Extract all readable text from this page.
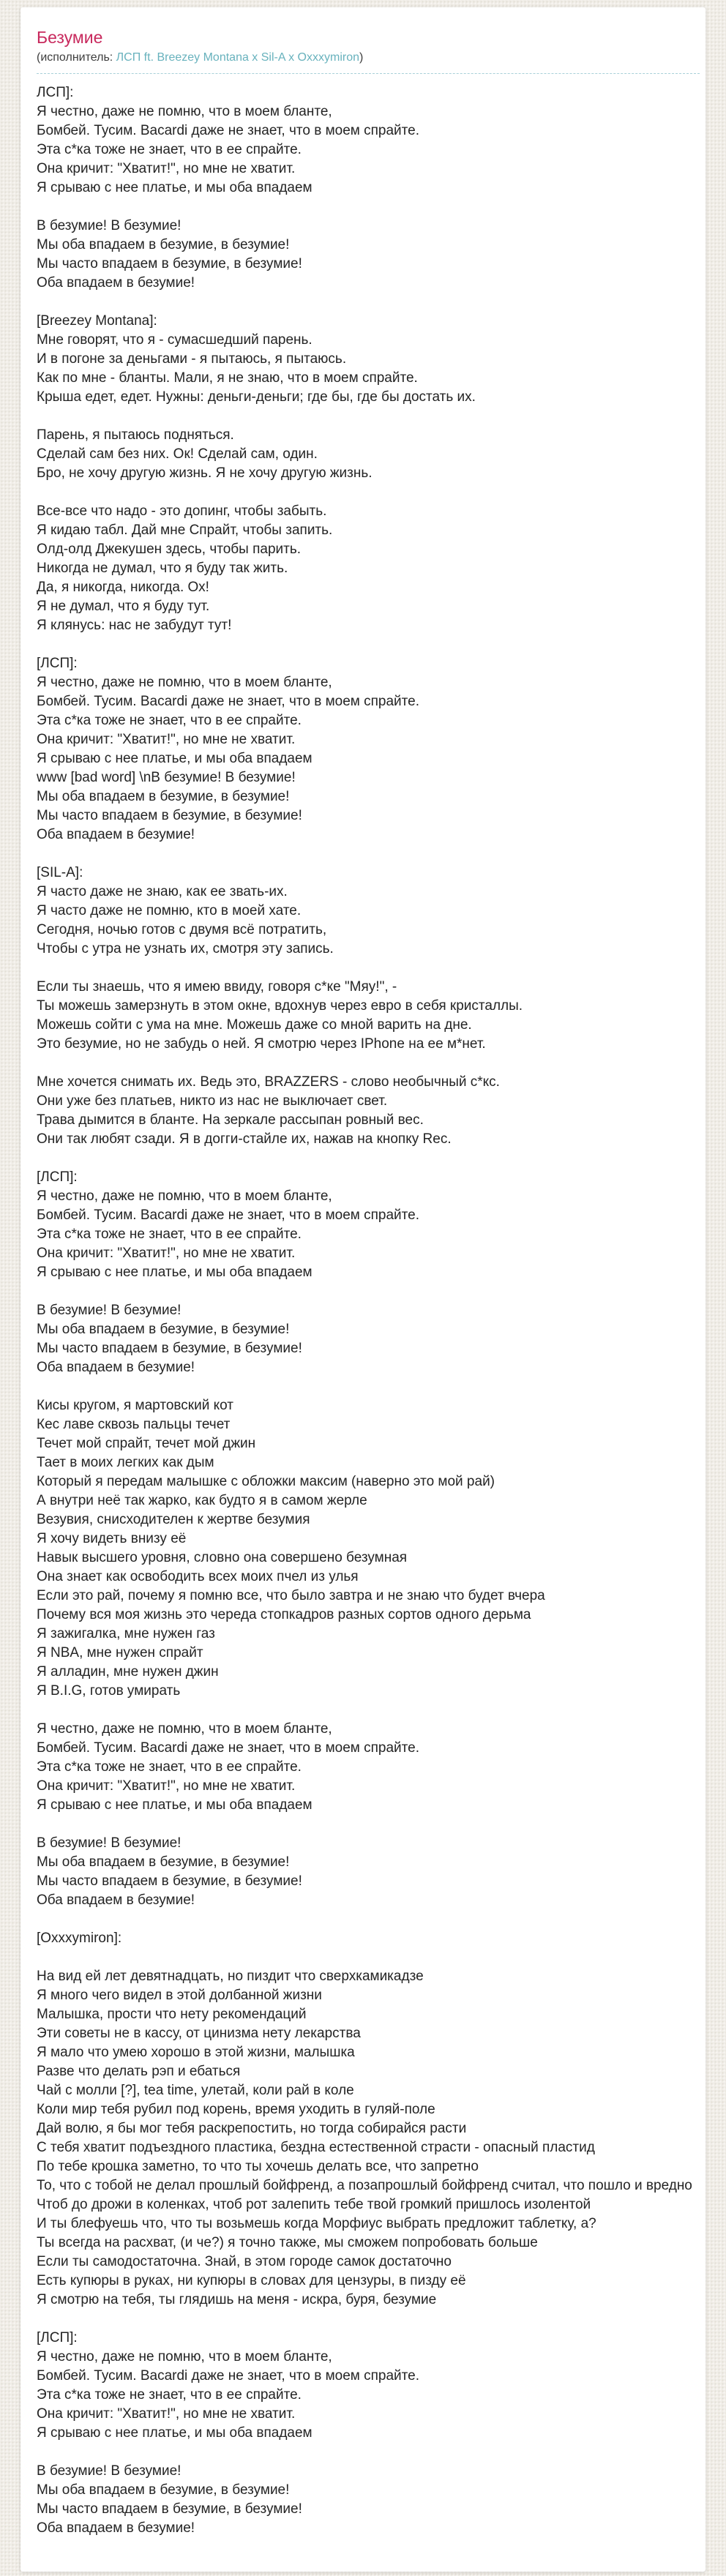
Безумие
(исполнитель: ЛСП ft. Breezey Montana x Sil-A x Oxxxymiron)
ЛСП]:
Я честно, даже не помню, что в моем бланте,
Бомбей. Тусим. Bacardi даже не знает, что в моем спрайте.
Эта с*ка тоже не знает, что в ее спрайте.
Она кричит: "Хватит!", но мне не хватит.
Я срываю с нее платье, и мы оба впадаем
В безумие! В безумие!
Мы оба впадаем в безумие, в безумие!
Мы часто впадаем в безумие, в безумие!
Оба впадаем в безумие!
[Breezey Montana]:
Мне говорят, что я - сумасшедший парень.
И в погоне за деньгами - я пытаюсь, я пытаюсь.
Как по мне - бланты. Мали, я не знаю, что в моем спрайте.
Крыша едет, едет. Нужны: деньги-деньги; где бы, где бы достать их.
Парень, я пытаюсь подняться.
Сделай сам без них. Ок! Сделай сам, один.
Бро, не хочу другую жизнь. Я не хочу другую жизнь.
Все-все что надо - это допинг, чтобы забыть.
Я кидаю табл. Дай мне Спрайт, чтобы запить.
Олд-олд Джекушен здесь, чтобы парить.
Никогда не думал, что я буду так жить.
Да, я никогда, никогда. Ох!
Я не думал, что я буду тут.
Я клянусь: нас не забудут тут!
[ЛСП]:
Я честно, даже не помню, что в моем бланте,
Бомбей. Тусим. Bacardi даже не знает, что в моем спрайте.
Эта с*ка тоже не знает, что в ее спрайте.
Она кричит: "Хватит!", но мне не хватит.
Я срываю с нее платье, и мы оба впадаем
www [bad word] \nВ безумие! В безумие!
Мы оба впадаем в безумие, в безумие!
Мы часто впадаем в безумие, в безумие!
Оба впадаем в безумие!
[SIL-A]:
Я часто даже не знаю, как ее звать-их.
Я часто даже не помню, кто в моей хате.
Сегодня, ночью готов с двумя всё потратить,
Чтобы с утра не узнать их, смотря эту запись.
Если ты знаешь, что я имею ввиду, говоря с*ке "Мяу!", -
Ты можешь замерзнуть в этом окне, вдохнув через евро в себя кристаллы.
Можешь сойти с ума на мне. Можешь даже со мной варить на дне.
Это безумие, но не забудь о ней. Я смотрю через IPhone на ее м*нет.
Мне хочется снимать их. Ведь это, BRAZZERS - слово необычный с*кс.
Они уже без платьев, никто из нас не выключает свет.
Трава дымится в бланте. На зеркале рассыпан ровный вес.
Они так любят сзади. Я в догги-стайле их, нажав на кнопку Rec.
[ЛСП]:
Я честно, даже не помню, что в моем бланте,
Бомбей. Тусим. Bacardi даже не знает, что в моем спрайте.
Эта с*ка тоже не знает, что в ее спрайте.
Она кричит: "Хватит!", но мне не хватит.
Я срываю с нее платье, и мы оба впадаем
В безумие! В безумие!
Мы оба впадаем в безумие, в безумие!
Мы часто впадаем в безумие, в безумие!
Оба впадаем в безумие!
Кисы кругом, я мартовский кот
Кес лаве сквозь пальцы течет
Течет мой спрайт, течет мой джин
Тает в моих легких как дым
Который я передам малышке с обложки максим (наверно это мой рай)
А внутри неё так жарко, как будто я в самом жерле
Везувия, снисходителен к жертве безумия
Я хочу видеть внизу её
Навык высшего уровня, словно она совершено безумная
Она знает как освободить всех моих пчел из улья
Если это рай, почему я помню все, что было завтра и не знаю что будет вчера
Почему вся моя жизнь это череда стопкадров разных сортов одного дерьма
Я зажигалка, мне нужен газ
Я NBA, мне нужен спрайт
Я алладин, мне нужен джин
Я B.I.G, готов умирать
Я честно, даже не помню, что в моем бланте,
Бомбей. Тусим. Bacardi даже не знает, что в моем спрайте.
Эта с*ка тоже не знает, что в ее спрайте.
Она кричит: "Хватит!", но мне не хватит.
Я срываю с нее платье, и мы оба впадаем
В безумие! В безумие!
Мы оба впадаем в безумие, в безумие!
Мы часто впадаем в безумие, в безумие!
Оба впадаем в безумие!
[Oxxxymiron]:
На вид ей лет девятнадцать, но пиздит что сверхкамикадзе
Я много чего видел в этой долбанной жизни
Малышка, прости что нету рекомендаций
Эти советы не в кассу, от цинизма нету лекарства
Я мало что умею хорошо в этой жизни, малышка
Разве что делать рэп и ебаться
Чай с молли [?], tea time, улетай, коли рай в коле
Коли мир тебя рубил под корень, время уходить в гуляй-поле
Дай волю, я бы мог тебя раскрепостить, но тогда собирайся расти
С тебя хватит подъездного пластика, бездна естественной страсти - опасный пластид
По тебе крошка заметно, то что ты хочешь делать все, что запретно
То, что с тобой не делал прошлый бойфренд, а позапрошлый бойфренд считал, что пошло и вредно
Чтоб до дрожи в коленках, чтоб рот залепить тебе твой громкий пришлось изолентой
И ты блефуешь что, что ты возьмешь когда Морфиус выбрать предложит таблетку, а?
Ты всегда на расхват, (и че?) я точно также, мы сможем попробовать больше
Если ты самодостаточна. Знай, в этом городе самок достаточно
Есть купюры в руках, ни купюры в словах для цензуры, в пизду её
Я смотрю на тебя, ты глядишь на меня - искра, буря, безумие
[ЛСП]:
Я честно, даже не помню, что в моем бланте,
Бомбей. Тусим. Bacardi даже не знает, что в моем спрайте.
Эта с*ка тоже не знает, что в ее спрайте.
Она кричит: "Хватит!", но мне не хватит.
Я срываю с нее платье, и мы оба впадаем
В безумие! В безумие!
Мы оба впадаем в безумие, в безумие!
Мы часто впадаем в безумие, в безумие!
Оба впадаем в безумие!
